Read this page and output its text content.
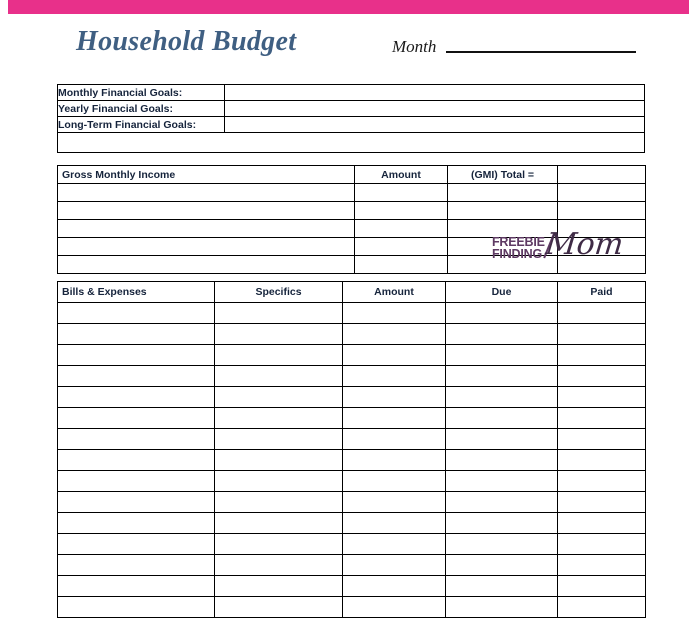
Household Budget	Month
Monthly Financial Goals:	
Yearly Financial Goals:	
Long-Term Financial Goals:	

Gross Monthly Income	Amount	(GMI) Total =	

FREEBIE
FINDING Mom
Bills & Expenses	Specifics	Amount	Due	Paid
